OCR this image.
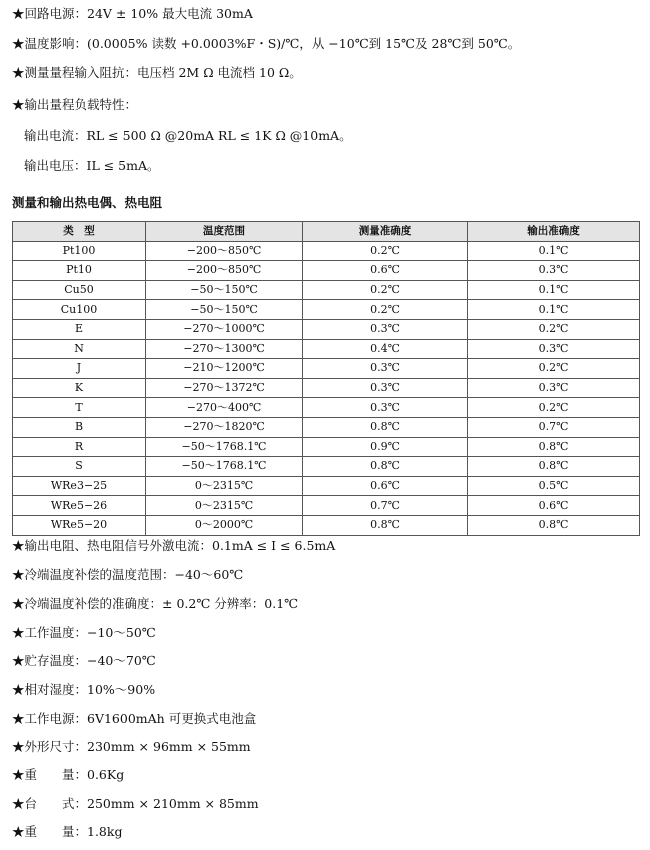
★回路电源：24V ± 10% 最大电流 30mA
★温度影响：(0.0005% 读数 +0.0003%F・S)/℃，从 −10℃到 15℃及 28℃到 50℃。
★测量量程输入阻抗：电压档 2M Ω 电流档 10 Ω。
★输出量程负载特性：
输出电流：RL ≤ 500 Ω @20mA RL ≤ 1K Ω @10mA。
输出电压：IL ≤ 5mA。
测量和输出热电偶、热电阻
类　型	温度范围	测量准确度	输出准确度
Pt100	−200～850℃	0.2℃	0.1℃
Pt10	−200～850℃	0.6℃	0.3℃
Cu50	−50～150℃	0.2℃	0.1℃
Cu100	−50～150℃	0.2℃	0.1℃
E	−270～1000℃	0.3℃	0.2℃
N	−270～1300℃	0.4℃	0.3℃
J	−210～1200℃	0.3℃	0.2℃
K	−270～1372℃	0.3℃	0.3℃
T	−270～400℃	0.3℃	0.2℃
B	−270～1820℃	0.8℃	0.7℃
R	−50～1768.1℃	0.9℃	0.8℃
S	−50～1768.1℃	0.8℃	0.8℃
WRe3−25	0～2315℃	0.6℃	0.5℃
WRe5−26	0～2315℃	0.7℃	0.6℃
WRe5−20	0～2000℃	0.8℃	0.8℃
★输出电阻、热电阻信号外激电流：0.1mA ≤ I ≤ 6.5mA
★冷端温度补偿的温度范围：−40～60℃
★冷端温度补偿的准确度：± 0.2℃ 分辨率：0.1℃
★工作温度：−10～50℃
★贮存温度：−40～70℃
★相对湿度：10%～90%
★工作电源：6V1600mAh 可更换式电池盒
★外形尺寸：230mm × 96mm × 55mm
★重　　量：0.6Kg
★台　　式：250mm × 210mm × 85mm
★重　　量：1.8kg
